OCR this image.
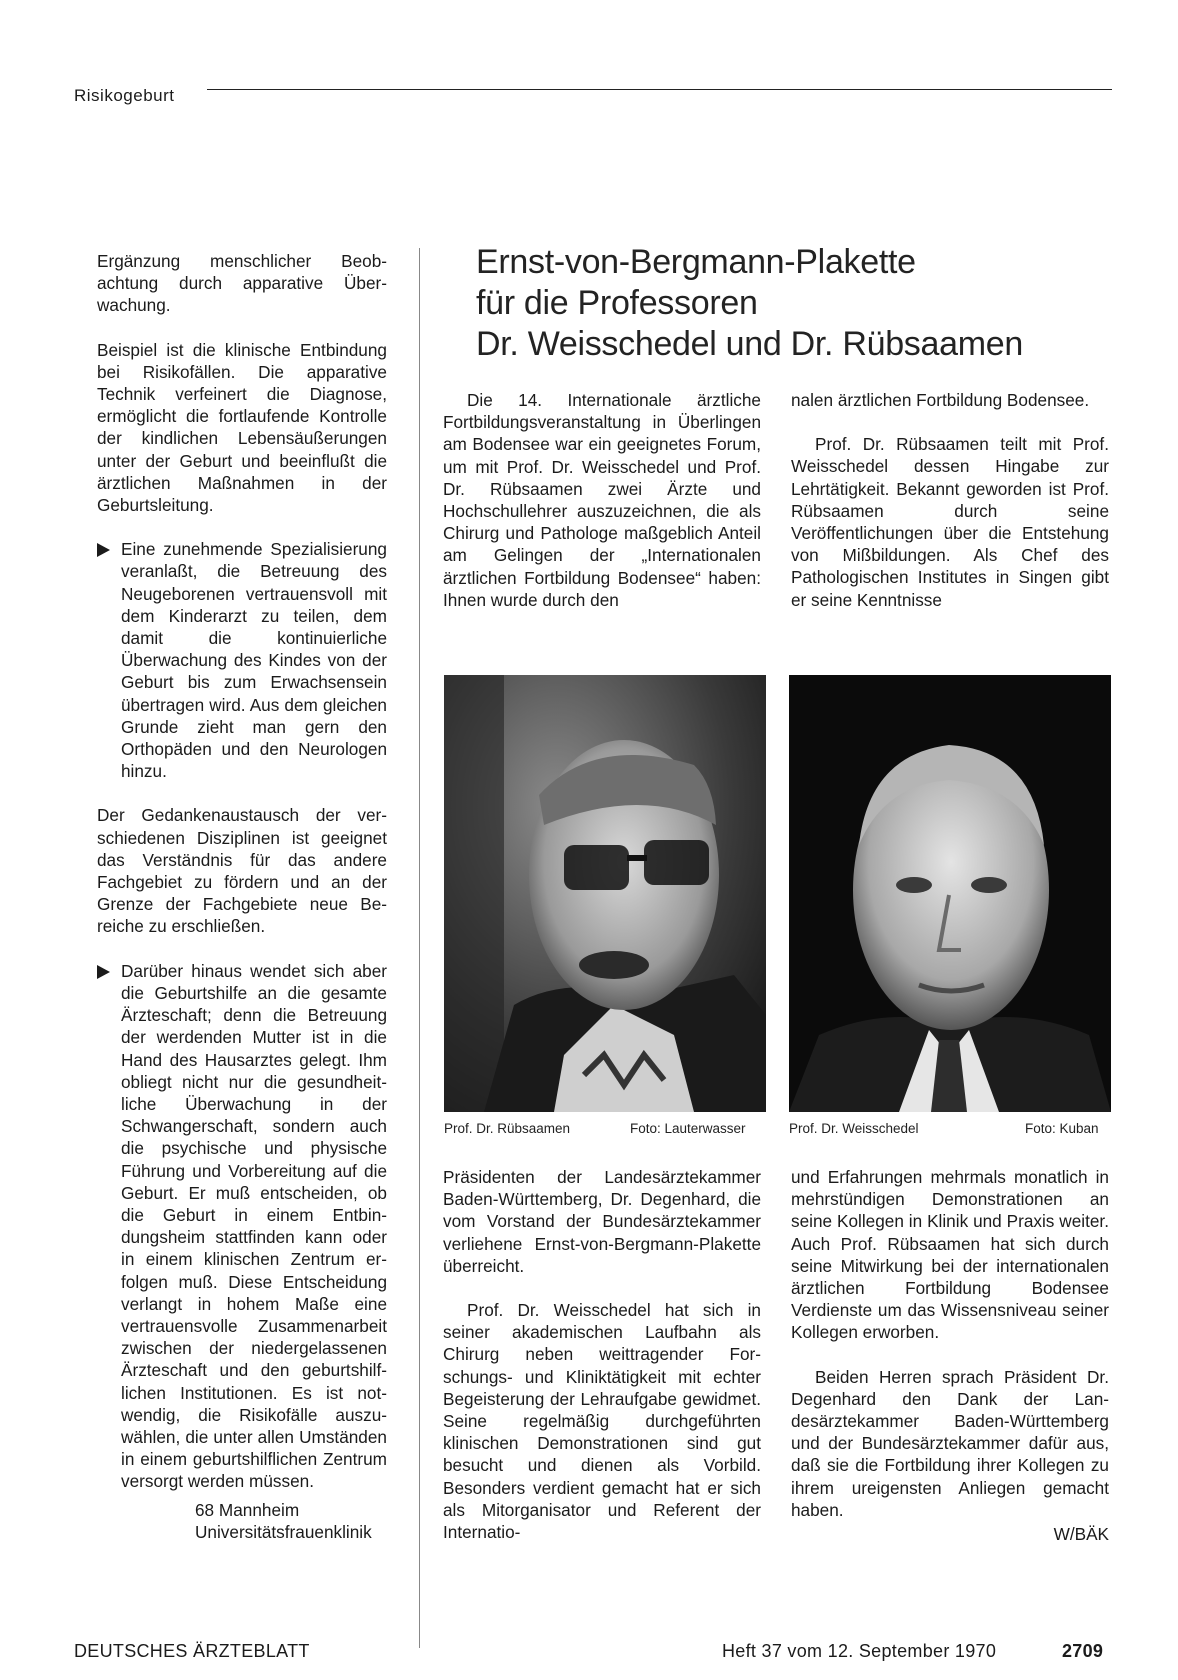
Risikogeburt

Ergänzung menschlicher Beobachtung durch apparative Überwachung.

Beispiel ist die klinische Entbindung bei Risikofällen. Die apparative Technik verfeinert die Diagnose, ermöglicht die fortlaufende Kontrolle der kindlichen Lebensäußerungen unter der Geburt und beeinflußt die ärztlichen Maßnahmen in der Geburtsleitung.

Eine zunehmende Spezialisierung veranlaßt, die Betreuung des Neugeborenen vertrauensvoll mit dem Kinderarzt zu teilen, dem damit die kontinuierliche Überwachung des Kindes von der Geburt bis zum Erwachsensein übertragen wird. Aus dem gleichen Grunde zieht man gern den Orthopäden und den Neurologen hinzu.

Der Gedankenaustausch der verschiedenen Disziplinen ist geeignet das Verständnis für das andere Fachgebiet zu fördern und an der Grenze der Fachgebiete neue Bereiche zu erschließen.

Darüber hinaus wendet sich aber die Geburtshilfe an die gesamte Ärzteschaft; denn die Betreuung der werdenden Mutter ist in die Hand des Hausarztes gelegt. Ihm obliegt nicht nur die gesundheitliche Überwachung in der Schwangerschaft, sondern auch die psychische und physische Führung und Vorbereitung auf die Geburt. Er muß entscheiden, ob die Geburt in einem Entbindungsheim stattfinden kann oder in einem klinischen Zentrum erfolgen muß. Diese Entscheidung verlangt in hohem Maße eine vertrauensvolle Zusammenarbeit zwischen der niedergelassenen Ärzteschaft und den geburtshilflichen Institutionen. Es ist notwendig, die Risikofälle auszuwählen, die unter allen Umständen in einem geburtshilflichen Zentrum versorgt werden müssen.
68 Mannheim
Universitätsfrauenklinik
Ernst-von-Bergmann-Plakette
für die Professoren
Dr. Weisschedel und Dr. Rübsaamen

Die 14. Internationale ärztliche Fortbildungsveranstaltung in Überlingen am Bodensee war ein geeignetes Forum, um mit Prof. Dr. Weisschedel und Prof. Dr. Rübsaamen zwei Ärzte und Hochschullehrer auszuzeichnen, die als Chirurg und Pathologe maßgeblich Anteil am Gelingen der „Internationalen ärztlichen Fortbildung Bodensee“ haben: Ihnen wurde durch den

nalen ärztlichen Fortbildung Bodensee.

Prof. Dr. Rübsaamen teilt mit Prof. Weisschedel dessen Hingabe zur Lehrtätigkeit. Bekannt geworden ist Prof. Rübsaamen durch seine Veröffentlichungen über die Entstehung von Mißbildungen. Als Chef des Pathologischen Institutes in Singen gibt er seine Kenntnisse

Prof. Dr. Rübsaamen	Foto: Lauterwasser	Prof. Dr. Weisschedel	Foto: Kuban

Präsidenten der Landesärztekammer Baden-Württemberg, Dr. Degenhard, die vom Vorstand der Bundesärztekammer verliehene Ernst-von-Bergmann-Plakette überreicht.

Prof. Dr. Weisschedel hat sich in seiner akademischen Laufbahn als Chirurg neben weittragender Forschungs- und Kliniktätigkeit mit echter Begeisterung der Lehraufgabe gewidmet. Seine regelmäßig durchgeführten klinischen Demonstrationen sind gut besucht und dienen als Vorbild. Besonders verdient gemacht hat er sich als Mitorganisator und Referent der Internatio-

und Erfahrungen mehrmals monatlich in mehrstündigen Demonstrationen an seine Kollegen in Klinik und Praxis weiter. Auch Prof. Rübsaamen hat sich durch seine Mitwirkung bei der internationalen ärztlichen Fortbildung Bodensee Verdienste um das Wissensniveau seiner Kollegen erworben.

Beiden Herren sprach Präsident Dr. Degenhard den Dank der Landesärztekammer Baden-Württemberg und der Bundesärztekammer dafür aus, daß sie die Fortbildung ihrer Kollegen zu ihrem ureigensten Anliegen gemacht haben.

W/BÄK
DEUTSCHES ÄRZTEBLATT	Heft 37 vom 12. September 1970	2709
